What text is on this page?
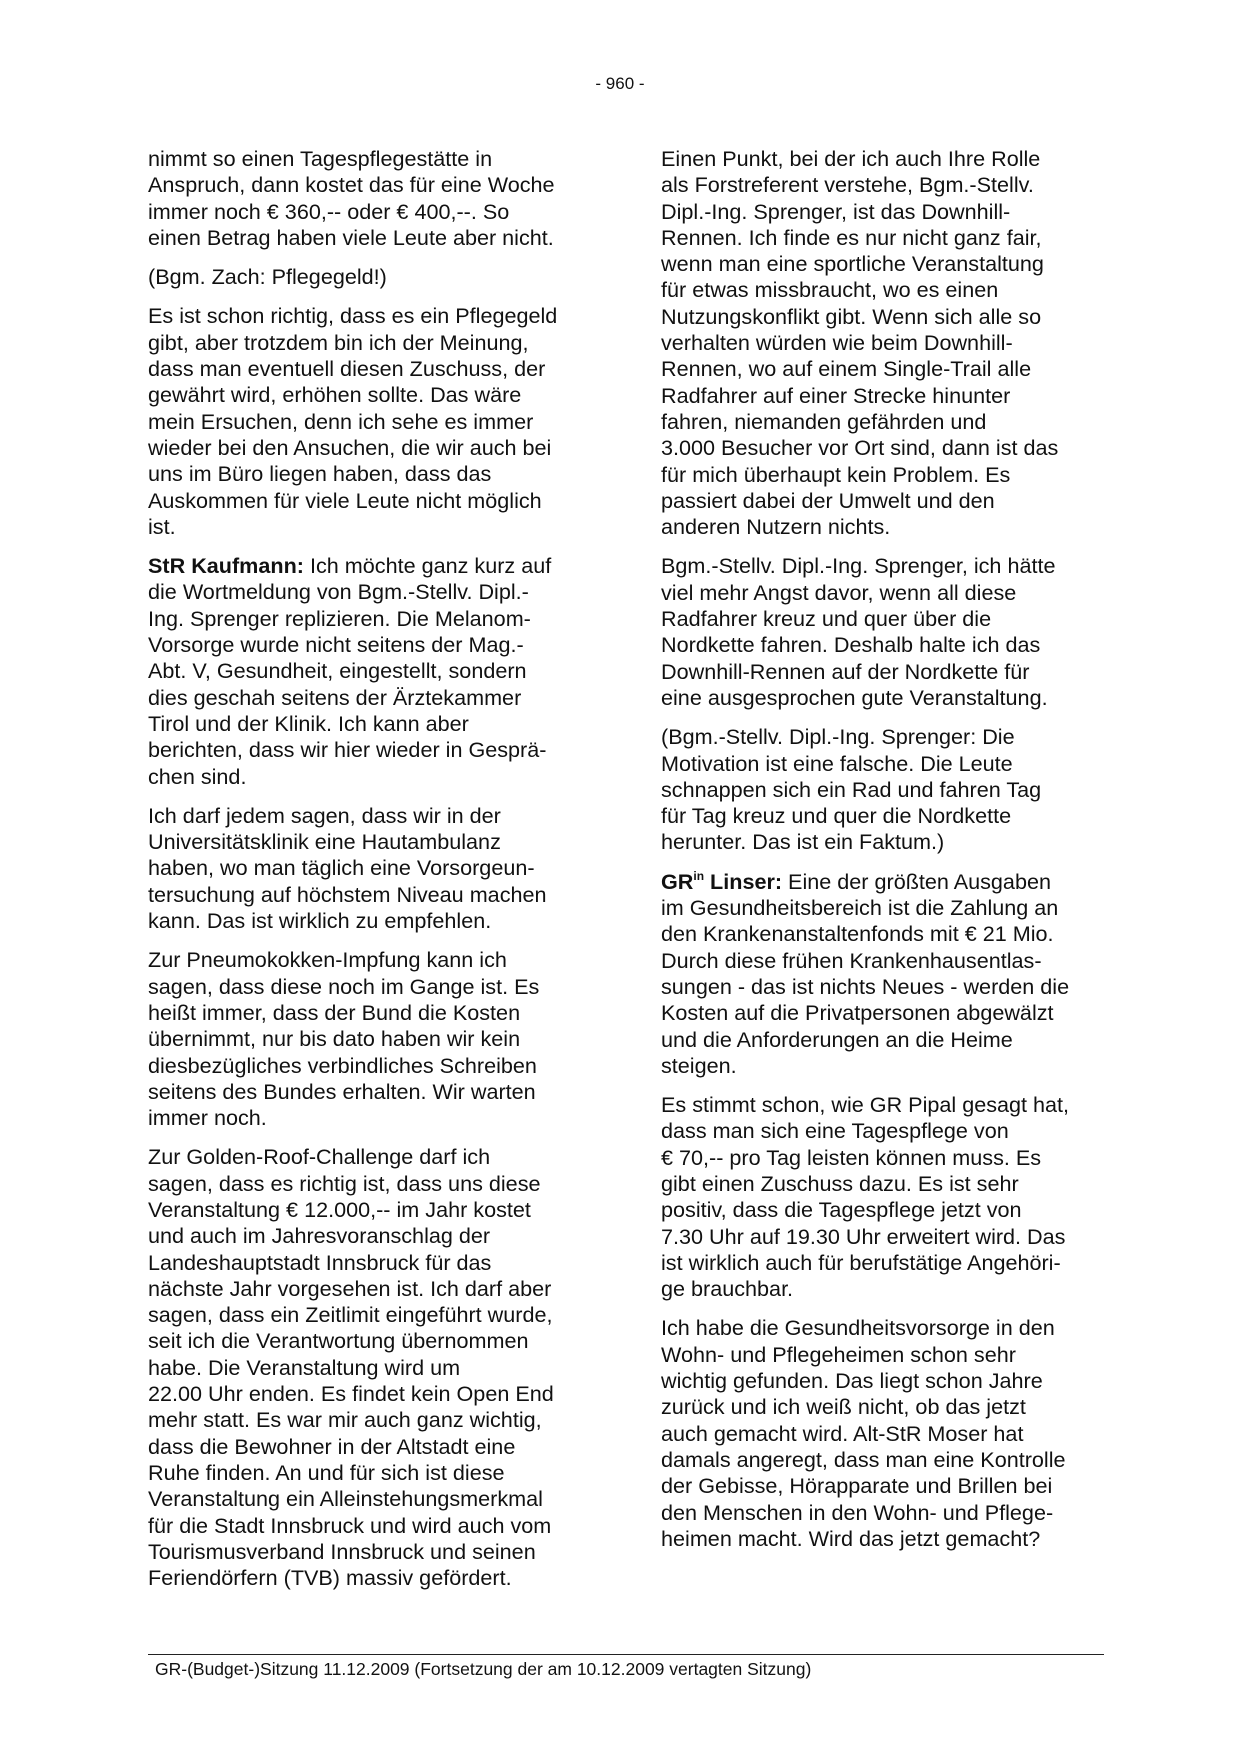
- 960 -

nimmt so einen Tagespflegestätte in
Anspruch, dann kostet das für eine Woche
immer noch € 360,-- oder € 400,--. So
einen Betrag haben viele Leute aber nicht.

(Bgm. Zach: Pflegegeld!)

Es ist schon richtig, dass es ein Pflegegeld
gibt, aber trotzdem bin ich der Meinung,
dass man eventuell diesen Zuschuss, der
gewährt wird, erhöhen sollte. Das wäre
mein Ersuchen, denn ich sehe es immer
wieder bei den Ansuchen, die wir auch bei
uns im Büro liegen haben, dass das
Auskommen für viele Leute nicht möglich
ist.

StR Kaufmann: Ich möchte ganz kurz auf
die Wortmeldung von Bgm.-Stellv. Dipl.-
Ing. Sprenger replizieren. Die Melanom-
Vorsorge wurde nicht seitens der Mag.-
Abt. V, Gesundheit, eingestellt, sondern
dies geschah seitens der Ärztekammer
Tirol und der Klinik. Ich kann aber
berichten, dass wir hier wieder in Gesprä-
chen sind.

Ich darf jedem sagen, dass wir in der
Universitätsklinik eine Hautambulanz
haben, wo man täglich eine Vorsorgeun-
tersuchung auf höchstem Niveau machen
kann. Das ist wirklich zu empfehlen.

Zur Pneumokokken-Impfung kann ich
sagen, dass diese noch im Gange ist. Es
heißt immer, dass der Bund die Kosten
übernimmt, nur bis dato haben wir kein
diesbezügliches verbindliches Schreiben
seitens des Bundes erhalten. Wir warten
immer noch.

Zur Golden-Roof-Challenge darf ich
sagen, dass es richtig ist, dass uns diese
Veranstaltung € 12.000,-- im Jahr kostet
und auch im Jahresvoranschlag der
Landeshauptstadt Innsbruck für das
nächste Jahr vorgesehen ist. Ich darf aber
sagen, dass ein Zeitlimit eingeführt wurde,
seit ich die Verantwortung übernommen
habe. Die Veranstaltung wird um
22.00 Uhr enden. Es findet kein Open End
mehr statt. Es war mir auch ganz wichtig,
dass die Bewohner in der Altstadt eine
Ruhe finden. An und für sich ist diese
Veranstaltung ein Alleinstehungsmerkmal
für die Stadt Innsbruck und wird auch vom
Tourismusverband Innsbruck und seinen
Feriendörfern (TVB) massiv gefördert.

Einen Punkt, bei der ich auch Ihre Rolle
als Forstreferent verstehe, Bgm.-Stellv.
Dipl.-Ing. Sprenger, ist das Downhill-
Rennen. Ich finde es nur nicht ganz fair,
wenn man eine sportliche Veranstaltung
für etwas missbraucht, wo es einen
Nutzungskonflikt gibt. Wenn sich alle so
verhalten würden wie beim Downhill-
Rennen, wo auf einem Single-Trail alle
Radfahrer auf einer Strecke hinunter
fahren, niemanden gefährden und
3.000 Besucher vor Ort sind, dann ist das
für mich überhaupt kein Problem. Es
passiert dabei der Umwelt und den
anderen Nutzern nichts.

Bgm.-Stellv. Dipl.-Ing. Sprenger, ich hätte
viel mehr Angst davor, wenn all diese
Radfahrer kreuz und quer über die
Nordkette fahren. Deshalb halte ich das
Downhill-Rennen auf der Nordkette für
eine ausgesprochen gute Veranstaltung.

(Bgm.-Stellv. Dipl.-Ing. Sprenger: Die
Motivation ist eine falsche. Die Leute
schnappen sich ein Rad und fahren Tag
für Tag kreuz und quer die Nordkette
herunter. Das ist ein Faktum.)

$GR^{in}$ Linser: Eine der größten Ausgaben
im Gesundheitsbereich ist die Zahlung an
den Krankenanstaltenfonds mit € 21 Mio.
Durch diese frühen Krankenhausentlas-
sungen - das ist nichts Neues - werden die
Kosten auf die Privatpersonen abgewälzt
und die Anforderungen an die Heime
steigen.

Es stimmt schon, wie GR Pipal gesagt hat,
dass man sich eine Tagespflege von
€ 70,-- pro Tag leisten können muss. Es
gibt einen Zuschuss dazu. Es ist sehr
positiv, dass die Tagespflege jetzt von
7.30 Uhr auf 19.30 Uhr erweitert wird. Das
ist wirklich auch für berufstätige Angehöri-
ge brauchbar.

Ich habe die Gesundheitsvorsorge in den
Wohn- und Pflegeheimen schon sehr
wichtig gefunden. Das liegt schon Jahre
zurück und ich weiß nicht, ob das jetzt
auch gemacht wird. Alt-StR Moser hat
damals angeregt, dass man eine Kontrolle
der Gebisse, Hörapparate und Brillen bei
den Menschen in den Wohn- und Pflege-
heimen macht. Wird das jetzt gemacht?

GR-(Budget-)Sitzung 11.12.2009 (Fortsetzung der am 10.12.2009 vertagten Sitzung)
